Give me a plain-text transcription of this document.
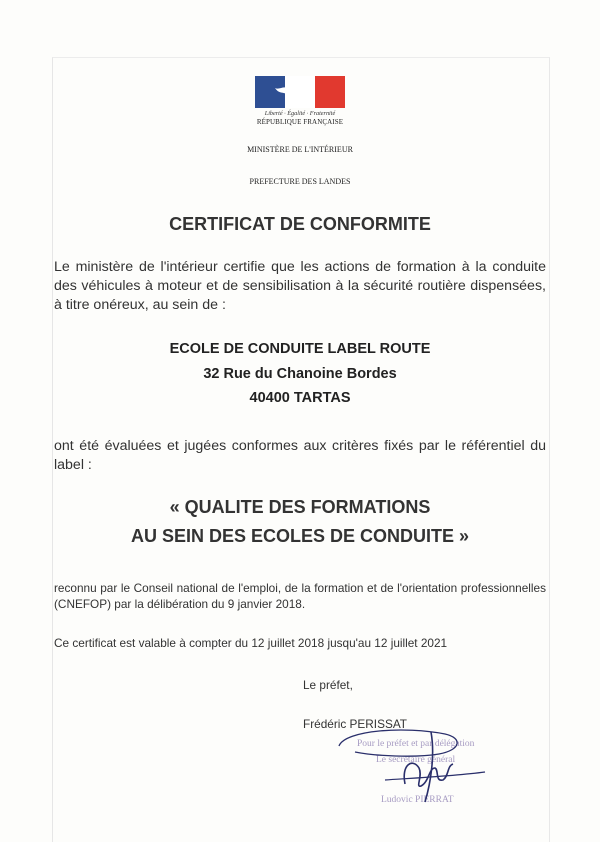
Liberté · Égalité · Fraternité
RÉPUBLIQUE FRANÇAISE
MINISTÈRE DE L'INTÉRIEUR
PREFECTURE DES LANDES
CERTIFICAT DE CONFORMITE
Le ministère de l'intérieur certifie que les actions de formation à la conduite des véhicules à moteur et de sensibilisation à la sécurité routière dispensées, à titre onéreux, au sein de :
ECOLE DE CONDUITE LABEL ROUTE
32 Rue du Chanoine Bordes
40400 TARTAS
ont été évaluées et jugées conformes aux critères fixés par le référentiel du label :
« QUALITE DES FORMATIONS
AU SEIN DES ECOLES DE CONDUITE »
reconnu par le Conseil national de l'emploi, de la formation et de l'orientation professionnelles (CNEFOP) par la délibération du 9 janvier 2018.
Ce certificat est valable à compter du 12 juillet 2018 jusqu'au 12 juillet 2021
Le préfet,
Frédéric PERISSAT
Pour le préfet et par délégation
Le secrétaire général
Ludovic PIERRAT
